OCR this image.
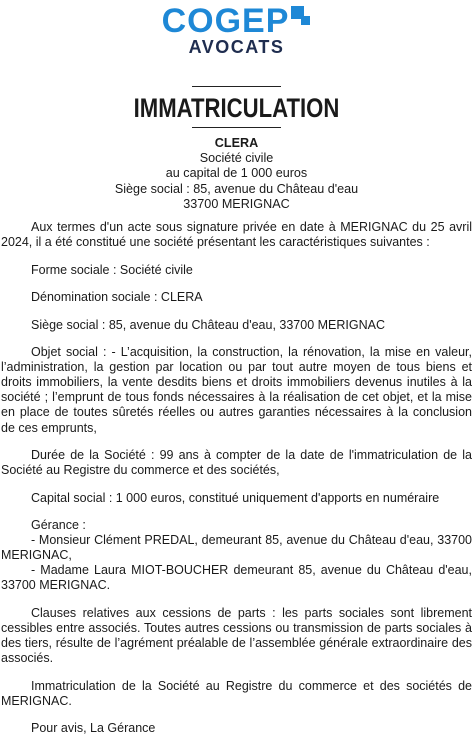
COGEP
AVOCATS
IMMATRICULATION
CLERA
Société civile
au capital de 1 000 euros
Siège social : 85, avenue du Château d'eau
33700 MERIGNAC

Aux termes d'un acte sous signature privée en date à MERIGNAC du 25 avril 2024, il a été constitué une société présentant les caractéristiques suivantes :

Forme sociale : Société civile

Dénomination sociale : CLERA

Siège social : 85, avenue du Château d'eau, 33700 MERIGNAC

Objet social : - L’acquisition, la construction, la rénovation, la mise en valeur, l’administration, la gestion par location ou par tout autre moyen de tous biens et droits immobiliers, la vente desdits biens et droits immobiliers devenus inutiles à la société ; l’emprunt de tous fonds nécessaires à la réalisation de cet objet, et la mise en place de toutes sûretés réelles ou autres garanties nécessaires à la conclusion de ces emprunts,

Durée de la Société : 99 ans à compter de la date de l'immatriculation de la Société au Registre du commerce et des sociétés,

Capital social : 1 000 euros, constitué uniquement d'apports en numéraire

Gérance :
- Monsieur Clément PREDAL, demeurant 85, avenue du Château d'eau, 33700 MERIGNAC,
- Madame Laura MIOT-BOUCHER demeurant 85, avenue du Château d'eau, 33700 MERIGNAC.

Clauses relatives aux cessions de parts : les parts sociales sont librement cessibles entre associés. Toutes autres cessions ou transmission de parts sociales à des tiers, résulte de l’agrément préalable de l’assemblée générale extraordinaire des associés.

Immatriculation de la Société au Registre du commerce et des sociétés de MERIGNAC.

Pour avis, La Gérance
